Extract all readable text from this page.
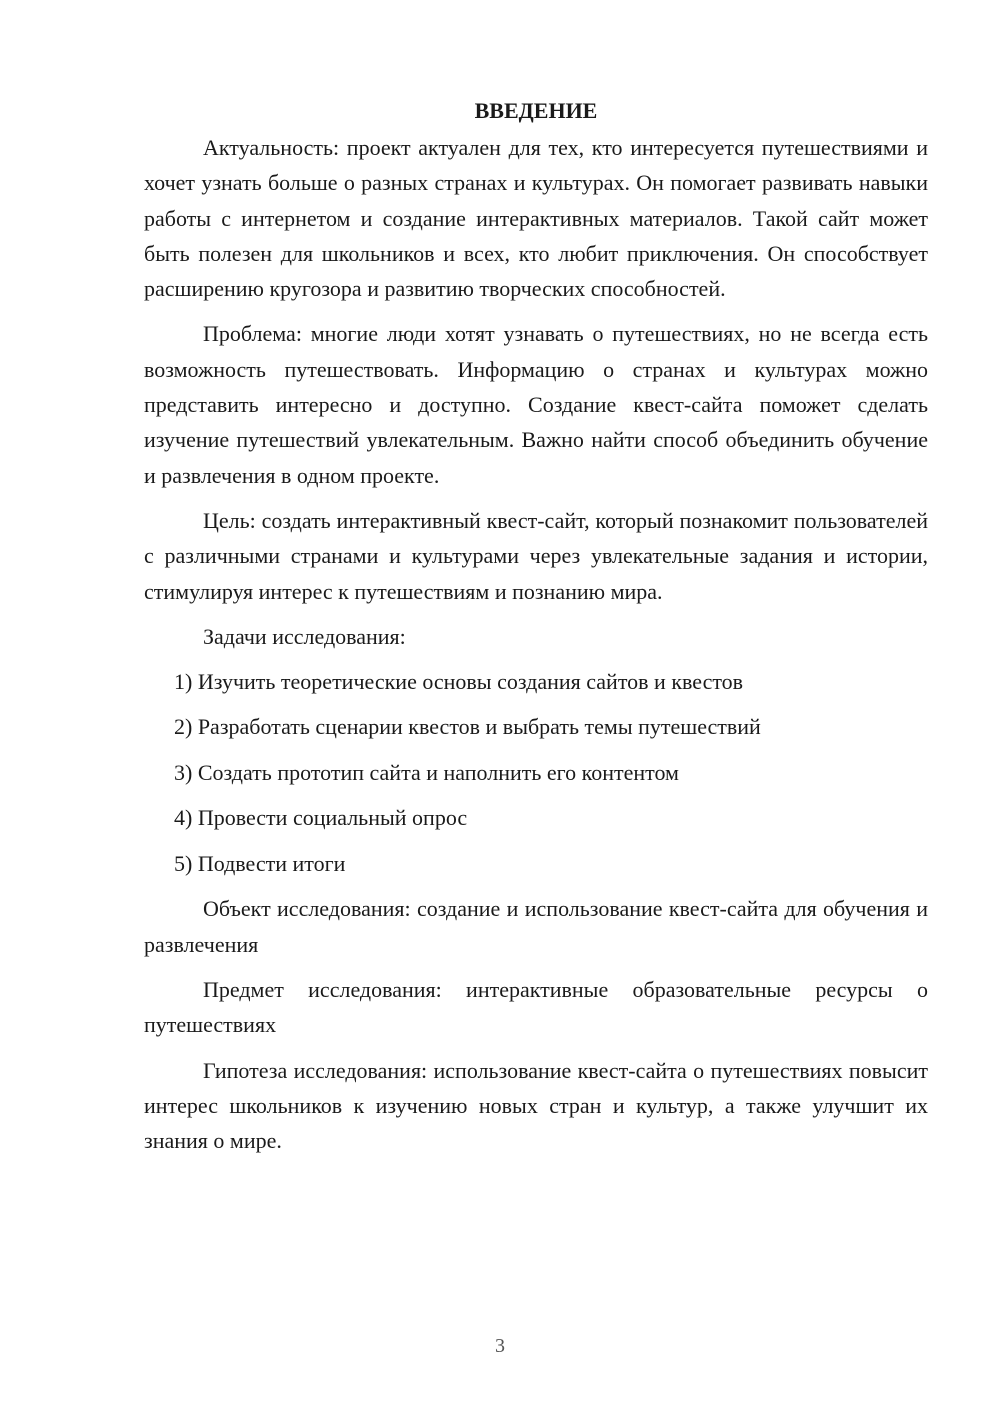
ВВЕДЕНИЕ

Актуальность: проект актуален для тех, кто интересуется путешествиями и хочет узнать больше о разных странах и культурах. Он помогает развивать навыки работы с интернетом и создание интерактивных материалов. Такой сайт может быть полезен для школьников и всех, кто любит приключения. Он способствует расширению кругозора и развитию творческих способностей.

Проблема: многие люди хотят узнавать о путешествиях, но не всегда есть возможность путешествовать. Информацию о странах и культурах можно представить интересно и доступно. Создание квест-сайта поможет сделать изучение путешествий увлекательным. Важно найти способ объединить обучение и развлечения в одном проекте.

Цель: создать интерактивный квест-сайт, который познакомит пользователей с различными странами и культурами через увлекательные задания и истории, стимулируя интерес к путешествиям и познанию мира.

Задачи исследования:

1) Изучить теоретические основы создания сайтов и квестов
2) Разработать сценарии квестов и выбрать темы путешествий
3) Создать прототип сайта и наполнить его контентом
4) Провести социальный опрос
5) Подвести итоги

Объект исследования: создание и использование квест-сайта для обучения и развлечения

Предмет исследования: интерактивные образовательные ресурсы о путешествиях

Гипотеза исследования: использование квест-сайта о путешествиях повысит интерес школьников к изучению новых стран и культур, а также улучшит их знания о мире.

3
